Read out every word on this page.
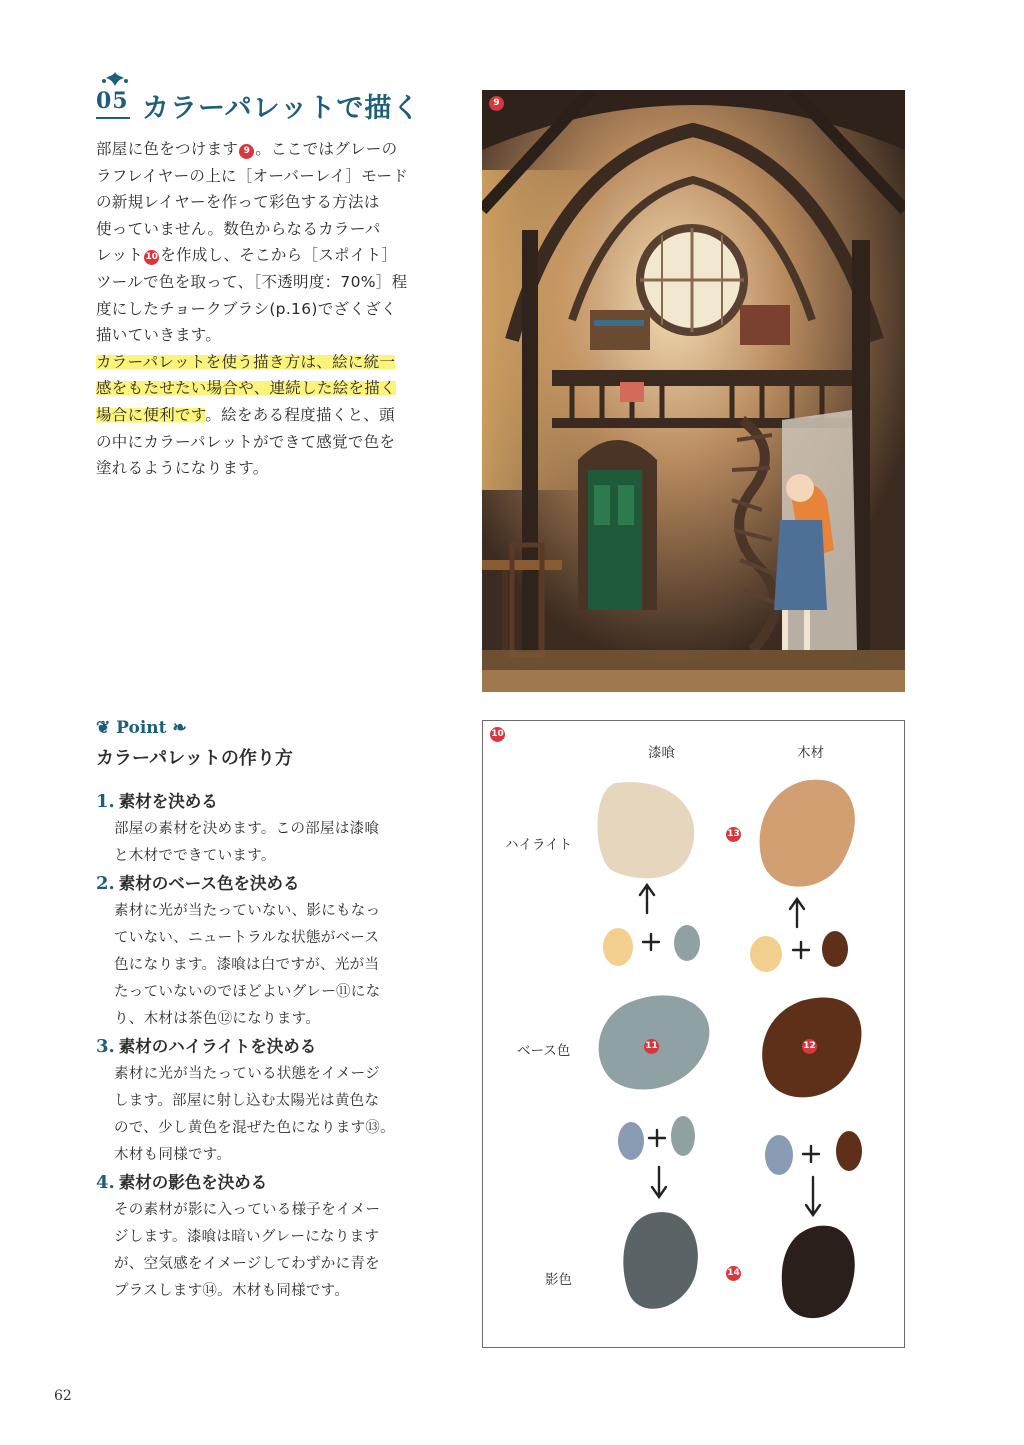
05 カラーパレットで描く
部屋に色をつけます 9 。ここではグレーの
ラフレイヤーの上に［オーバーレイ］モード
の新規レイヤーを作って彩色する方法は
使っていません。数色からなるカラーパ
レット 10 を作成し、そこから［スポイト］
ツールで色を取って、［不透明度：70%］程
度にしたチョークブラシ(p.16)でざくざく
描いていきます。
カラーパレットを使う描き方は、絵に統一
感をもたせたい場合や、連続した絵を描く
場合に便利です。絵をある程度描くと、頭
の中にカラーパレットができて感覚で色を
塗れるようになります。
9
❦ Point ❧
カラーパレットの作り方
1. 素材を決める
部屋の素材を決めます。この部屋は漆喰
と木材でできています。
2. 素材のベース色を決める
素材に光が当たっていない、影にもなっ
ていない、ニュートラルな状態がベース
色になります。漆喰は白ですが、光が当
たっていないのでほどよいグレー⑪にな
り、木材は茶色⑫になります。
3. 素材のハイライトを決める
素材に光が当たっている状態をイメージ
します。部屋に射し込む太陽光は黄色な
ので、少し黄色を混ぜた色になります⑬。
木材も同様です。
4. 素材の影色を決める
その素材が影に入っている様子をイメー
ジします。漆喰は暗いグレーになります
が、空気感をイメージしてわずかに青を
プラスします⑭。木材も同様です。
62
10
漆喰	木材
ハイライト
ベース色
影色
13
11	12
14
